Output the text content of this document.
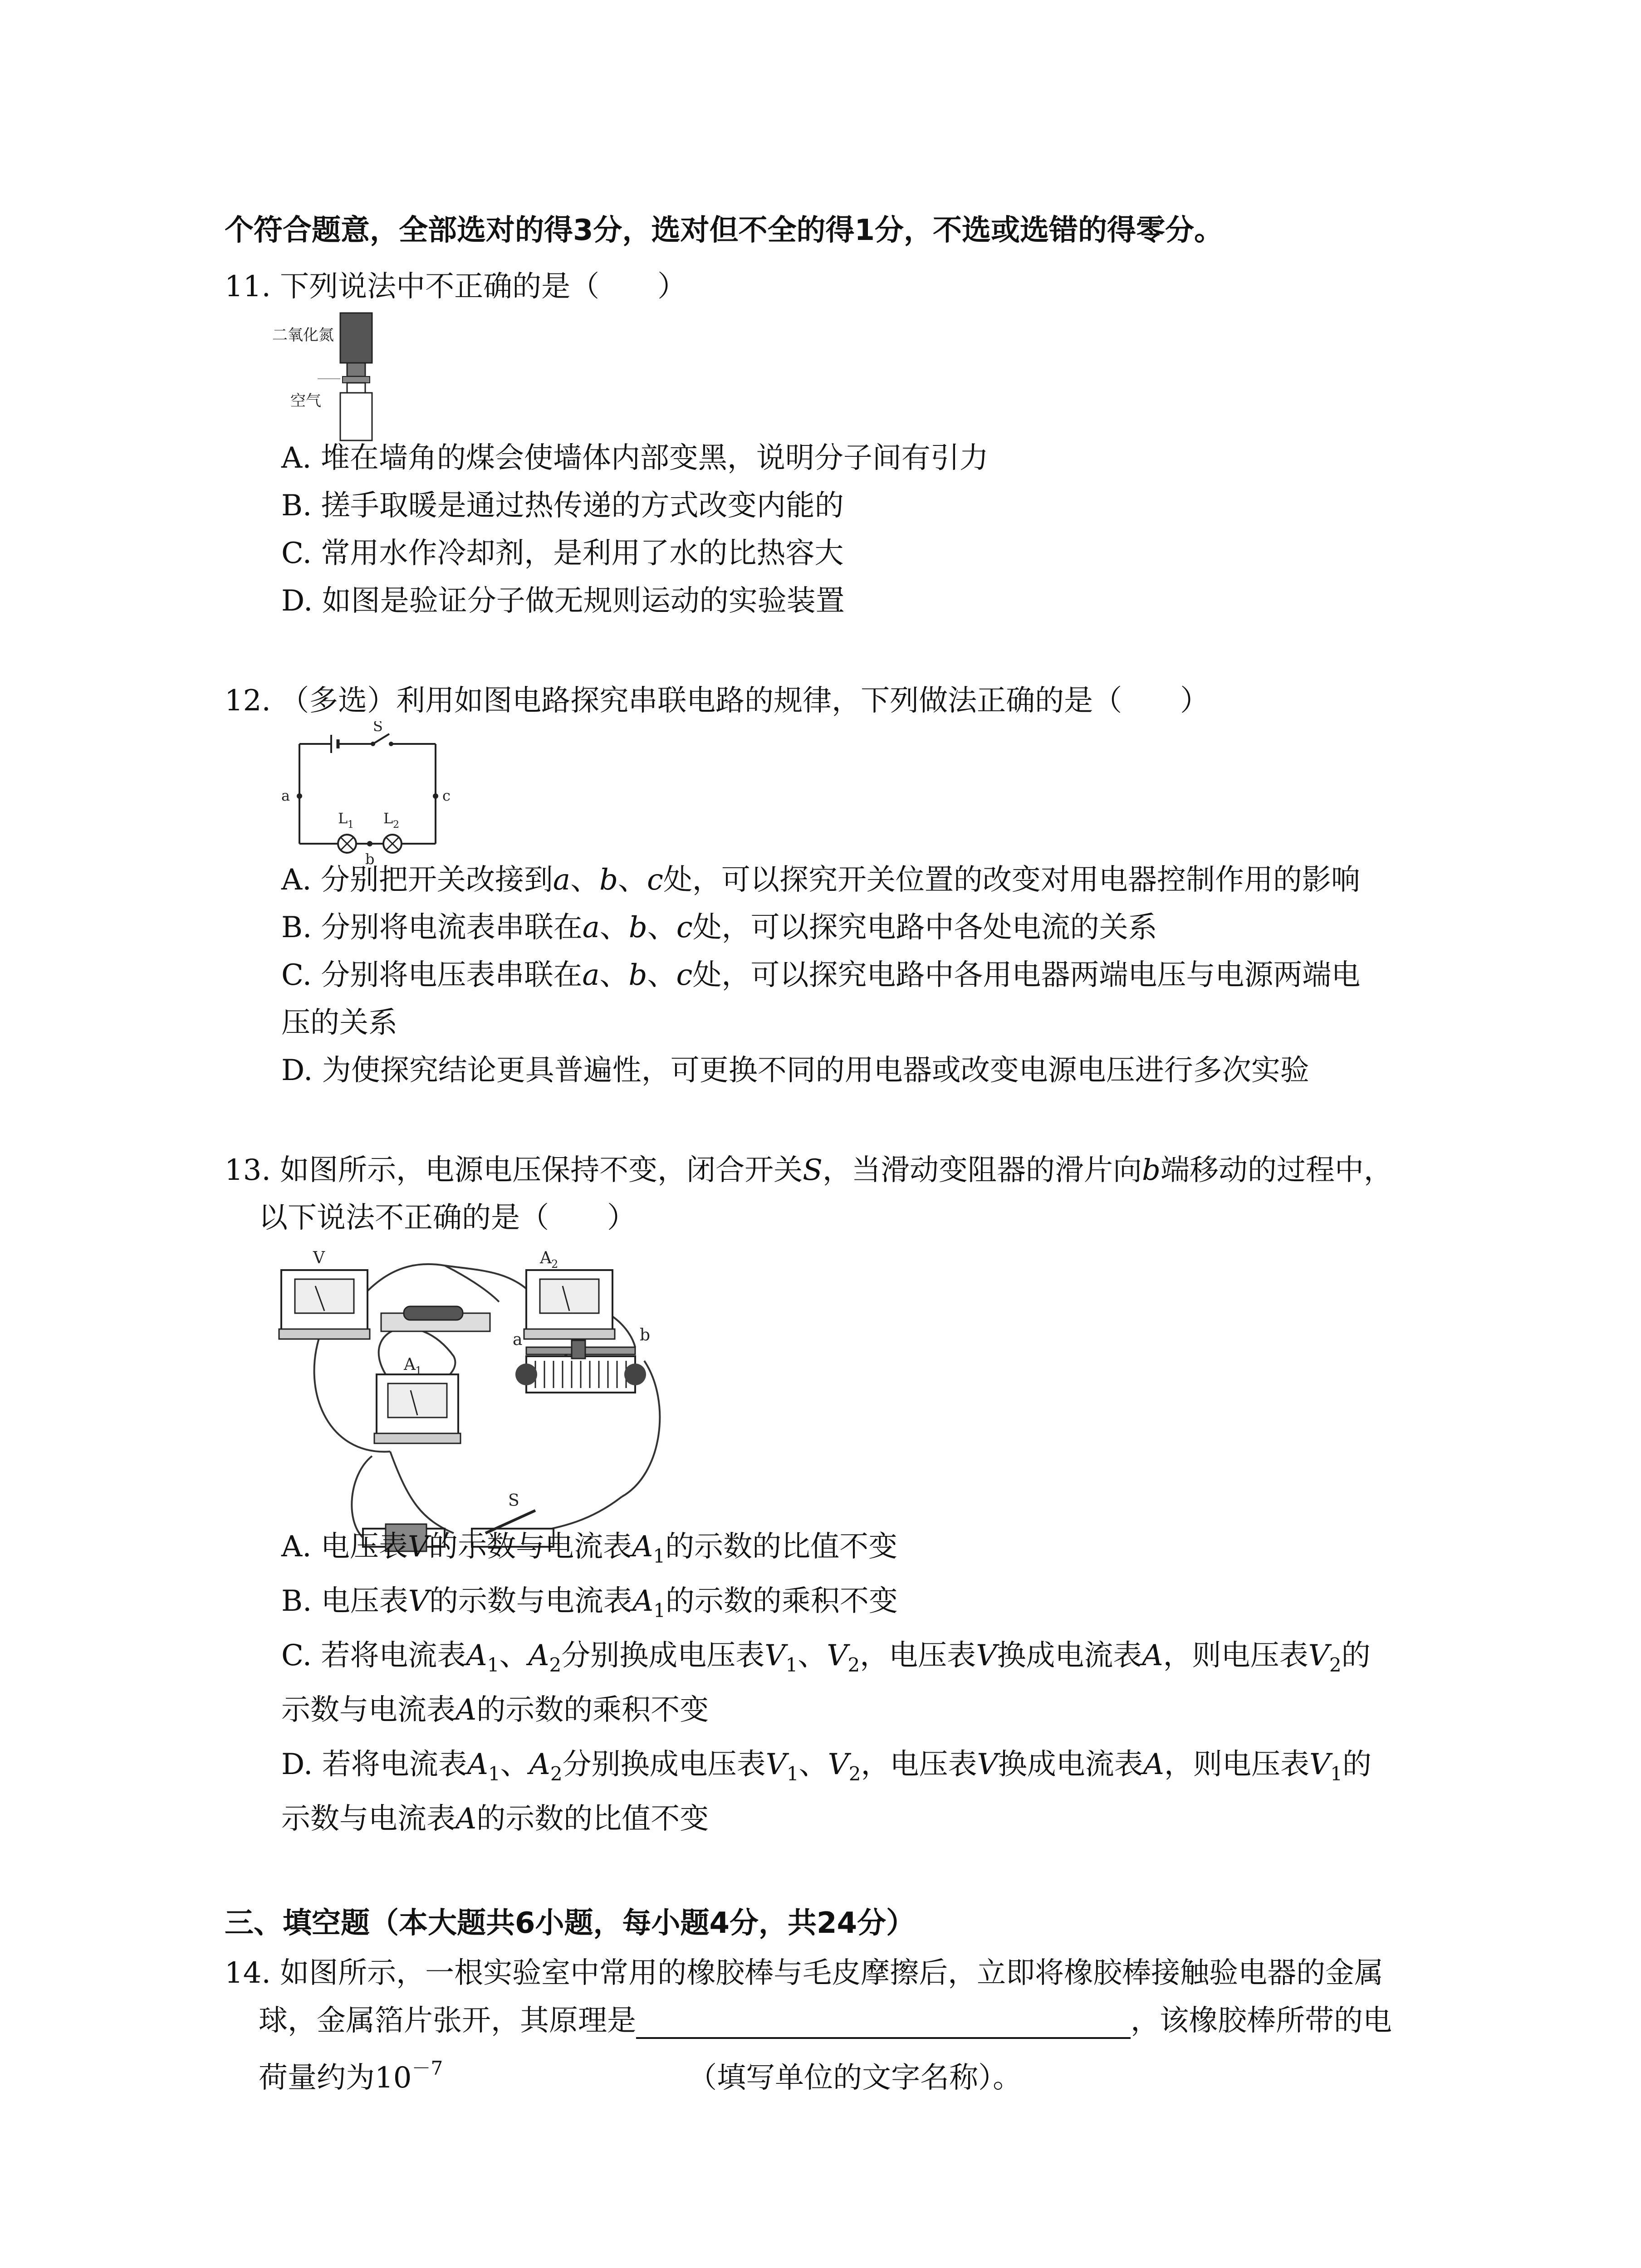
个符合题意，全部选对的得3分，选对但不全的得1分，不选或选错的得零分。
11. 下列说法中不正确的是（　　）
二氧化氮
空气
A. 堆在墙角的煤会使墙体内部变黑，说明分子间有引力
B. 搓手取暖是通过热传递的方式改变内能的
C. 常用水作冷却剂，是利用了水的比热容大
D. 如图是验证分子做无规则运动的实验装置
12. （多选）利用如图电路探究串联电路的规律，下列做法正确的是（　　）
S
a	c
b
L 1 L 2
A. 分别把开关改接到a、b、c处，可以探究开关位置的改变对用电器控制作用的影响
B. 分别将电流表串联在a、b、c处，可以探究电路中各处电流的关系
C. 分别将电压表串联在a、b、c处，可以探究电路中各用电器两端电压与电源两端电
压的关系
D. 为使探究结论更具普遍性，可更换不同的用电器或改变电源电压进行多次实验
13. 如图所示，电源电压保持不变，闭合开关S，当滑动变阻器的滑片向b端移动的过程中，
以下说法不正确的是（　　）
V	A 2
A 1
a	b
S
A. 电压表V的示数与电流表$A_1$的示数的比值不变
B. 电压表V的示数与电流表$A_1$的示数的乘积不变
C. 若将电流表$A_1$、$A_2$分别换成电压表$V_1$、$V_2$，电压表V换成电流表A，则电压表$V_2$的
示数与电流表A的示数的乘积不变
D. 若将电流表$A_1$、$A_2$分别换成电压表$V_1$、$V_2$，电压表V换成电流表A，则电压表$V_1$的
示数与电流表A的示数的比值不变
三、填空题（本大题共6小题，每小题4分，共24分）
14. 如图所示，一根实验室中常用的橡胶棒与毛皮摩擦后，立即将橡胶棒接触验电器的金属
球，金属箔片张开，其原理是	，该橡胶棒所带的电
荷量约为$10^{-7}$	（填写单位的文字名称）。
